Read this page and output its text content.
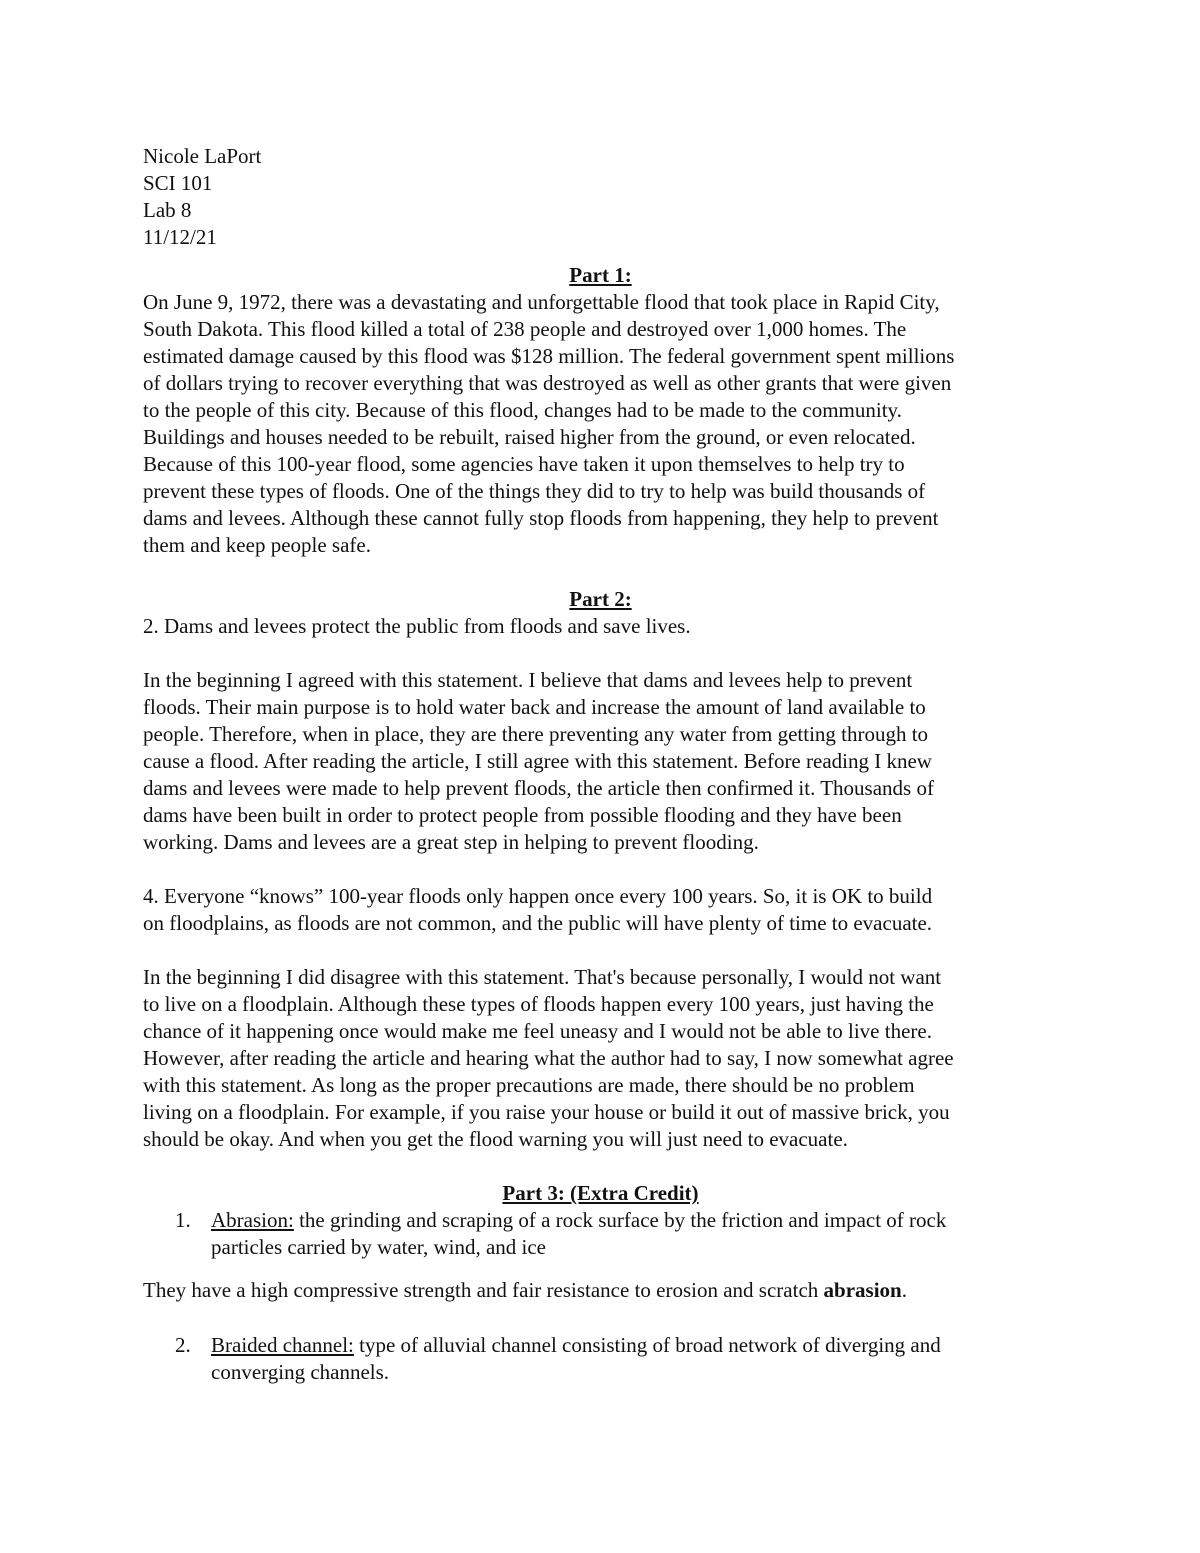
Nicole LaPort
SCI 101
Lab 8
11/12/21
Part 1:
On June 9, 1972, there was a devastating and unforgettable flood that took place in Rapid City,
South Dakota. This flood killed a total of 238 people and destroyed over 1,000 homes. The
estimated damage caused by this flood was $128 million. The federal government spent millions
of dollars trying to recover everything that was destroyed as well as other grants that were given
to the people of this city. Because of this flood, changes had to be made to the community.
Buildings and houses needed to be rebuilt, raised higher from the ground, or even relocated.
Because of this 100-year flood, some agencies have taken it upon themselves to help try to
prevent these types of floods. One of the things they did to try to help was build thousands of
dams and levees. Although these cannot fully stop floods from happening, they help to prevent
them and keep people safe.
Part 2:
2. Dams and levees protect the public from floods and save lives.
In the beginning I agreed with this statement. I believe that dams and levees help to prevent
floods. Their main purpose is to hold water back and increase the amount of land available to
people. Therefore, when in place, they are there preventing any water from getting through to
cause a flood. After reading the article, I still agree with this statement. Before reading I knew
dams and levees were made to help prevent floods, the article then confirmed it. Thousands of
dams have been built in order to protect people from possible flooding and they have been
working. Dams and levees are a great step in helping to prevent flooding.
4. Everyone “knows” 100-year floods only happen once every 100 years. So, it is OK to build
on floodplains, as floods are not common, and the public will have plenty of time to evacuate.
In the beginning I did disagree with this statement. That's because personally, I would not want
to live on a floodplain. Although these types of floods happen every 100 years, just having the
chance of it happening once would make me feel uneasy and I would not be able to live there.
However, after reading the article and hearing what the author had to say, I now somewhat agree
with this statement. As long as the proper precautions are made, there should be no problem
living on a floodplain. For example, if you raise your house or build it out of massive brick, you
should be okay. And when you get the flood warning you will just need to evacuate.
Part 3: (Extra Credit)
1. Abrasion: the grinding and scraping of a rock surface by the friction and impact of rock
particles carried by water, wind, and ice
They have a high compressive strength and fair resistance to erosion and scratch abrasion.
2. Braided channel: type of alluvial channel consisting of broad network of diverging and
converging channels.
